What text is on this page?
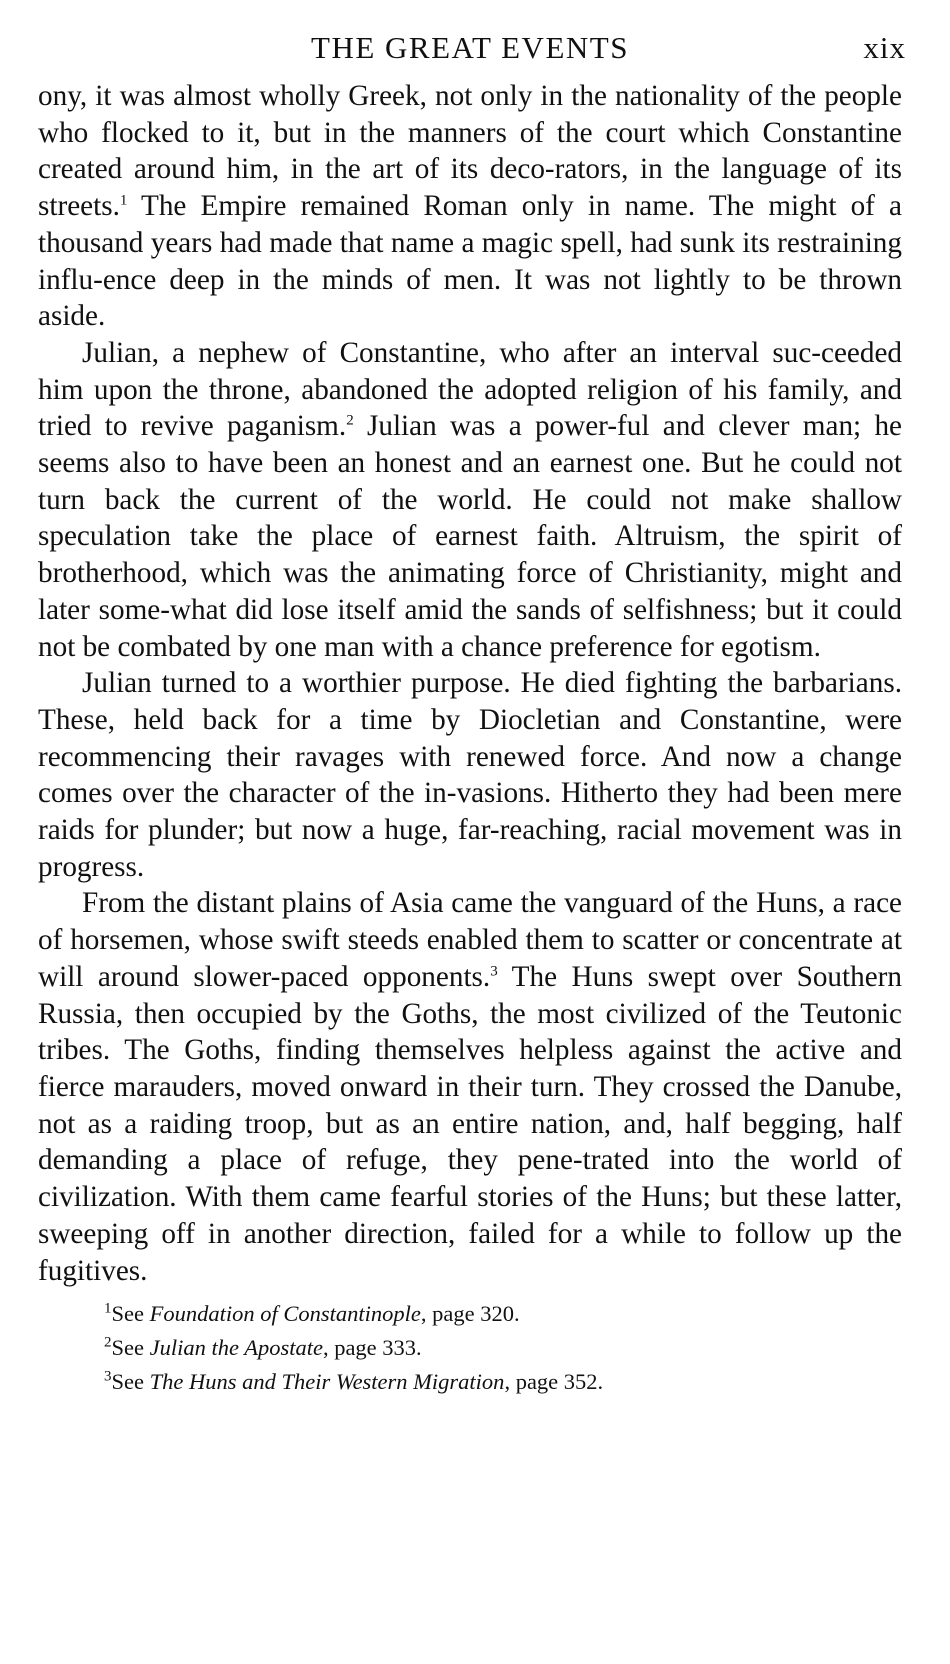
THE GREAT EVENTS	xix

ony, it was almost wholly Greek, not only in the nationality of the people who flocked to it, but in the manners of the court which Constantine created around him, in the art of its deco-rators, in the language of its streets.$^1$ The Empire remained Roman only in name. The might of a thousand years had made that name a magic spell, had sunk its restraining influ-ence deep in the minds of men. It was not lightly to be thrown aside.

Julian, a nephew of Constantine, who after an interval suc-ceeded him upon the throne, abandoned the adopted religion of his family, and tried to revive paganism.$^2$ Julian was a power-ful and clever man; he seems also to have been an honest and an earnest one. But he could not turn back the current of the world. He could not make shallow speculation take the place of earnest faith. Altruism, the spirit of brotherhood, which was the animating force of Christianity, might and later some-what did lose itself amid the sands of selfishness; but it could not be combated by one man with a chance preference for egotism.

Julian turned to a worthier purpose. He died fighting the barbarians. These, held back for a time by Diocletian and Constantine, were recommencing their ravages with renewed force. And now a change comes over the character of the in-vasions. Hitherto they had been mere raids for plunder; but now a huge, far-reaching, racial movement was in progress.

From the distant plains of Asia came the vanguard of the Huns, a race of horsemen, whose swift steeds enabled them to scatter or concentrate at will around slower-paced opponents.$^3$ The Huns swept over Southern Russia, then occupied by the Goths, the most civilized of the Teutonic tribes. The Goths, finding themselves helpless against the active and fierce marauders, moved onward in their turn. They crossed the Danube, not as a raiding troop, but as an entire nation, and, half begging, half demanding a place of refuge, they pene-trated into the world of civilization. With them came fearful stories of the Huns; but these latter, sweeping off in another direction, failed for a while to follow up the fugitives.

$^1$See Foundation of Constantinople, page 320.
$^2$See Julian the Apostate, page 333.
$^3$See The Huns and Their Western Migration, page 352.
